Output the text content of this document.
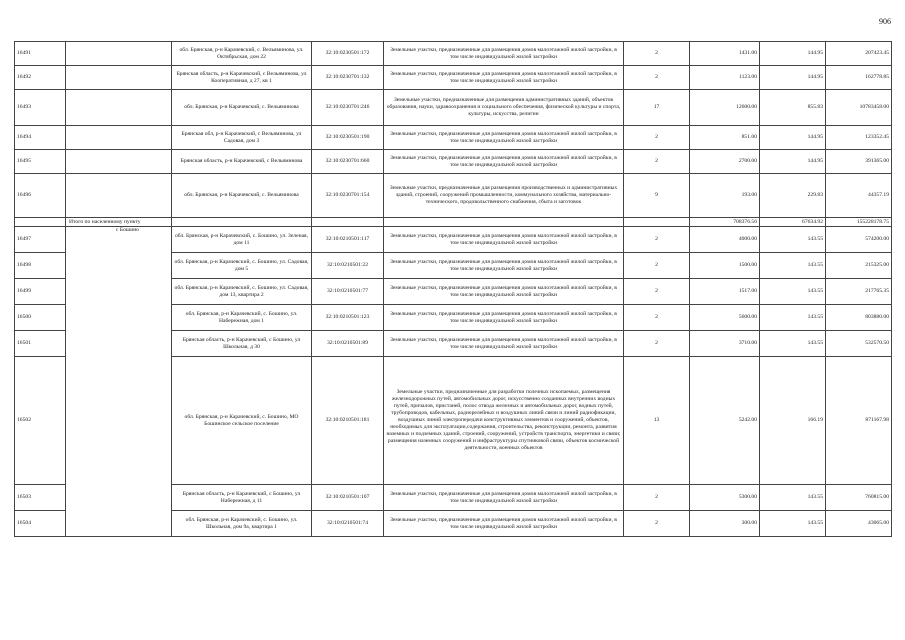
906
16491		обл. Брянская, р-н Карачевский, с. Вельяминова, ул. Октябрьская, дом 22	32:10:0230501:172	Земельные участки, предназначенные для размещения домов малоэтажной жилой застройки, в том числе индивидуальной жилой застройки	2	1431.00	144.95	207423.45
16492		Брянская область, р-н Карачевский, с Вельяминова, ул Кооперативная, д 27, кв 1	32:10:0230701:132	Земельные участки, предназначенные для размещения домов малоэтажной жилой застройки, в том числе индивидуальной жилой застройки	2	1123.00	144.95	162778.85
16493		обл. Брянская, р-н Карачевский, с. Вельяминова	32:10:0230701:246	Земельные участки, предназначенные для размещения административных зданий, объектов образования, науки, здравоохранения и социального обеспечения, физической культуры и спорта, культуры, искусства, религии	17	12600.00	855.83	10783458.00
16494		Брянская обл, р-н Карачевский, с Вельяминова, ул Садовая, дом 3	32:10:0230501:190	Земельные участки, предназначенные для размещения домов малоэтажной жилой застройки, в том числе индивидуальной жилой застройки	2	851.00	144.95	123352.45
16495		Брянская область, р-н Карачевский, с Вельяминова	32:10:0230701:660	Земельные участки, предназначенные для размещения домов малоэтажной жилой застройки, в том числе индивидуальной жилой застройки	2	2700.00	144.95	391365.00
16496		обл. Брянская, р-н Карачевский, с. Вельяминова	32:10:0230701:154	Земельные участки, предназначенные для размещения производственных и административных зданий, строений, сооружений промышленности, коммунального хозяйства, материально-технического, продовольственного снабжения, сбыта и заготовок	9	193.00	229.83	44357.19
	Итого по населенному пункту					708376.56	67634.92	155228178.75
16497	с Бошино	обл. Брянская, р-н Карачевский, с. Бошино, ул. Зеленая, дом 11	32:10:0210501:117	Земельные участки, предназначенные для размещения домов малоэтажной жилой застройки, в том числе индивидуальной жилой застройки	2	4000.00	143.55	574200.00
16498		обл. Брянская, р-н Карачевский, с. Бошино, ул. Садовая, дом 5	32:10:0210501:22	Земельные участки, предназначенные для размещения домов малоэтажной жилой застройки, в том числе индивидуальной жилой застройки	2	1500.00	143.55	215325.00
16499		обл. Брянская, р-н Карачевский, с. Бошино, ул. Садовая, дом 13, квартира 2	32:10:0210501:77	Земельные участки, предназначенные для размещения домов малоэтажной жилой застройки, в том числе индивидуальной жилой застройки	2	1517.00	143.55	217765.35
16500		обл. Брянская, р-н Карачевский, с. Бошино, ул. Набережная, дом 1	32:10:0210501:123	Земельные участки, предназначенные для размещения домов малоэтажной жилой застройки, в том числе индивидуальной жилой застройки	2	5600.00	143.55	803880.00
16501		Брянская область, р-н Карачевский, с Бошино, ул Школьная, д 30	32:10:0210501:89	Земельные участки, предназначенные для размещения домов малоэтажной жилой застройки, в том числе индивидуальной жилой застройки	2	3710.00	143.55	532570.50
16502		обл. Брянская, р-н Карачевский, с. Бошино, МО Бошинское сельское поселение	32:10:0210501:181	Земельные участки, предназначенные для разработки полезных ископаемых, размещения железнодорожных путей, автомобильных дорог, искусственно созданных внутренних водных путей, причалов, пристаней, полос отвода железных и автомобильных дорог, водных путей, трубопроводов, кабельных, радиорелейных и воздушных линий связи и линий радиофикации, воздушных линий электропередачи конструктивных элементов и сооружений, объектов, необходимых для эксплуатации,содержания, строительства, реконструкции, ремонта, развития наземных и подземных зданий, строений, сооружений, устройств транспорта, энергетики и связи; размещения наземных сооружений и инфраструктуры спутниковой связи, объектов космической деятельности, военных объектов	13	5242.00	166.19	871167.98
16503		Брянская область, р-н Карачевский, с Бошино, ул Набережная, д 11	32:10:0210501:107	Земельные участки, предназначенные для размещения домов малоэтажной жилой застройки, в том числе индивидуальной жилой застройки	2	5300.00	143.55	760815.00
16504		обл. Брянская, р-н Карачевский, с. Бошино, ул. Школьная, дом 9а, квартира 1	32:10:0210501:74	Земельные участки, предназначенные для размещения домов малоэтажной жилой застройки, в том числе индивидуальной жилой застройки	2	300.00	143.55	43065.00
